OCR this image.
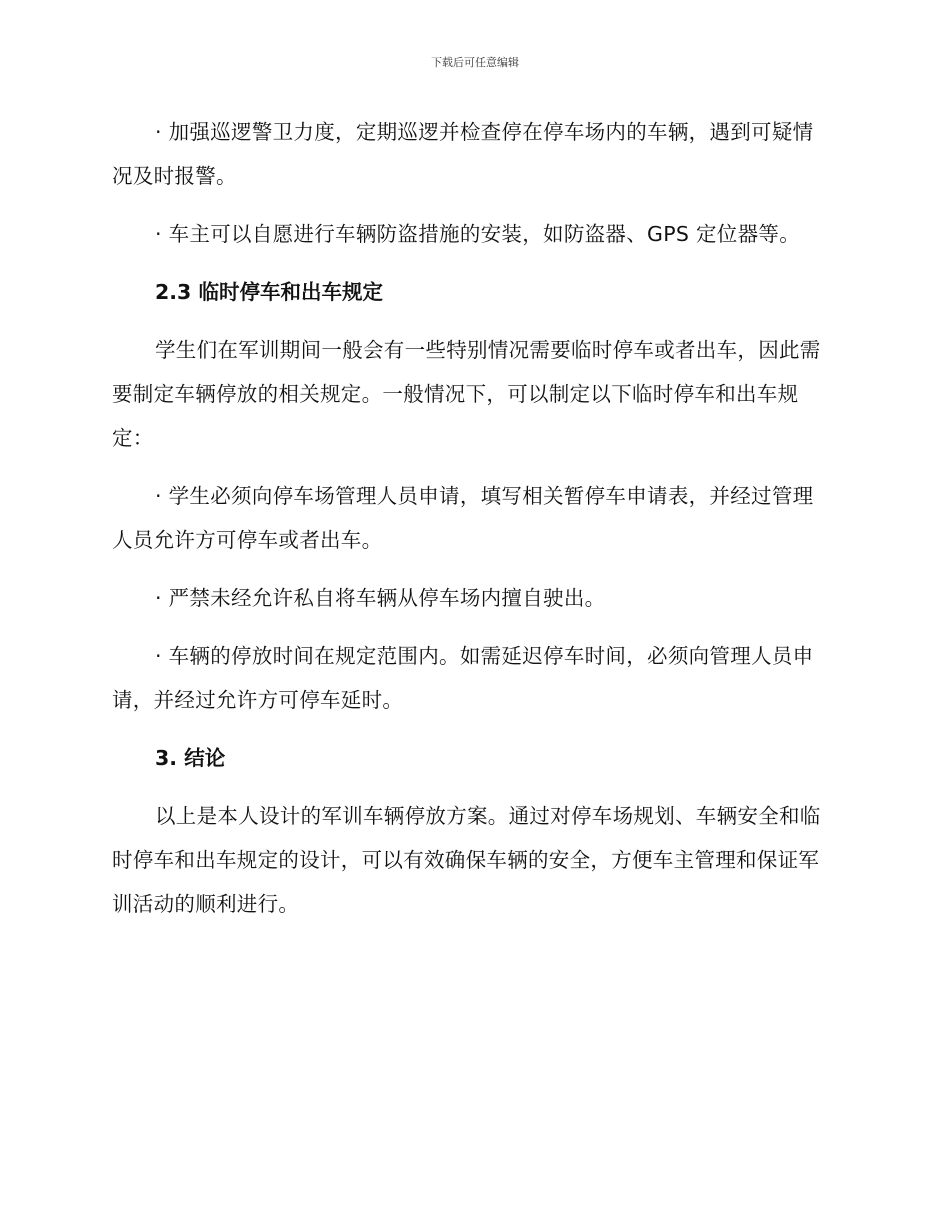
下载后可任意编辑

· 加强巡逻警卫力度，定期巡逻并检查停在停车场内的车辆，遇到可疑情况及时报警。

· 车主可以自愿进行车辆防盗措施的安装，如防盗器、GPS 定位器等。

2.3 临时停车和出车规定

学生们在军训期间一般会有一些特别情况需要临时停车或者出车，因此需要制定车辆停放的相关规定。一般情况下，可以制定以下临时停车和出车规定：

· 学生必须向停车场管理人员申请，填写相关暂停车申请表，并经过管理人员允许方可停车或者出车。

· 严禁未经允许私自将车辆从停车场内擅自驶出。

· 车辆的停放时间在规定范围内。如需延迟停车时间，必须向管理人员申请，并经过允许方可停车延时。

3. 结论

以上是本人设计的军训车辆停放方案。通过对停车场规划、车辆安全和临时停车和出车规定的设计，可以有效确保车辆的安全，方便车主管理和保证军训活动的顺利进行。
